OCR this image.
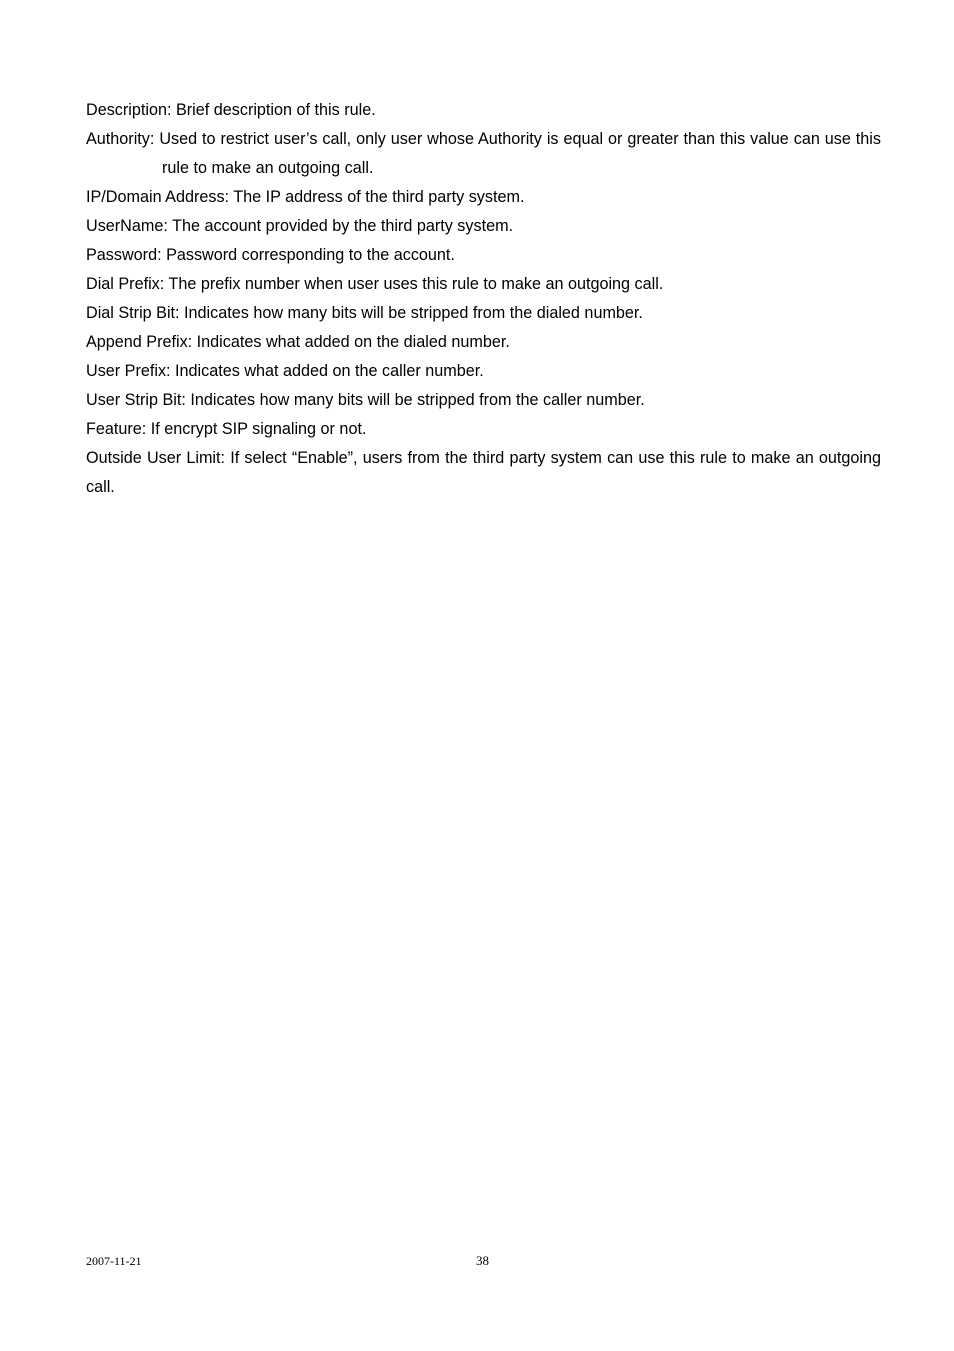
Description: Brief description of this rule.

Authority: Used to restrict user’s call, only user whose Authority is equal or greater than this value can use this rule to make an outgoing call.

IP/Domain Address: The IP address of the third party system.

UserName: The account provided by the third party system.

Password: Password corresponding to the account.

Dial Prefix: The prefix number when user uses this rule to make an outgoing call.

Dial Strip Bit: Indicates how many bits will be stripped from the dialed number.

Append Prefix: Indicates what added on the dialed number.

User Prefix: Indicates what added on the caller number.

User Strip Bit: Indicates how many bits will be stripped from the caller number.

Feature: If encrypt SIP signaling or not.

Outside User Limit: If select “Enable”, users from the third party system can use this rule to make an outgoing call.

2007-11-21	38
